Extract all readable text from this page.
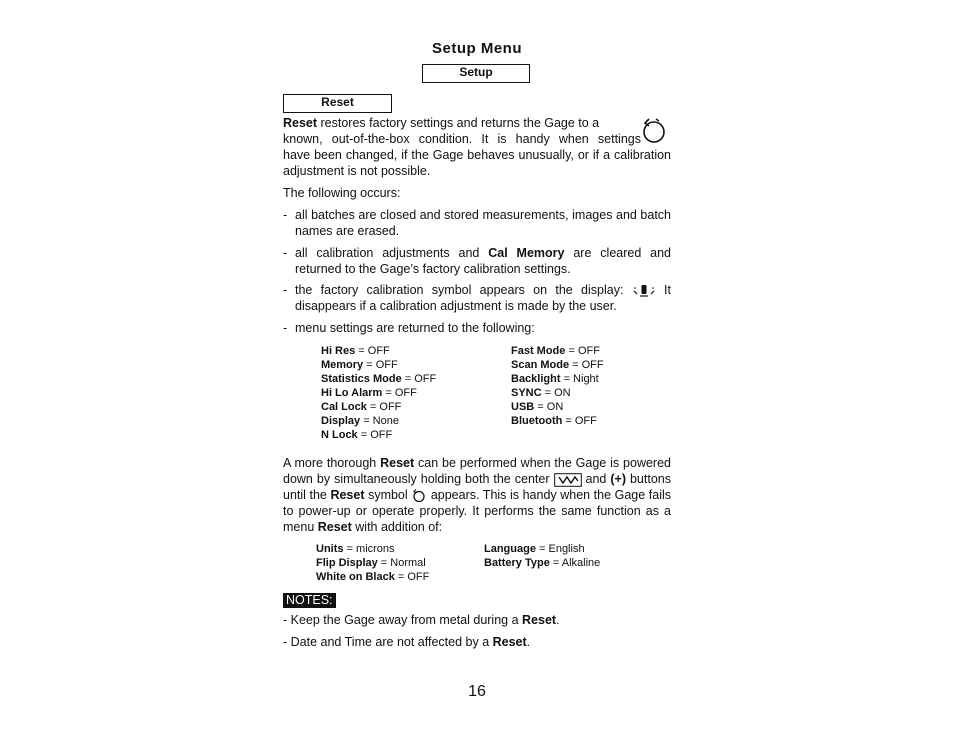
Setup Menu
Setup
Reset
Reset restores factory settings and returns the Gage to a
known, out-of-the-box condition. It is handy when settings
have been changed, if the Gage behaves unusually, or if a calibration adjustment is not possible.
The following occurs:
- all batches are closed and stored measurements, images and batch names are erased.
- all calibration adjustments and Cal Memory are cleared and returned to the Gage’s factory calibration settings.
- the factory calibration symbol appears on the display:  It disappears if a calibration adjustment is made by the user.
- menu settings are returned to the following:
Hi Res = OFF
Memory = OFF
Statistics Mode = OFF
Hi Lo Alarm = OFF
Cal Lock = OFF
Display = None
N Lock = OFF
Fast Mode = OFF
Scan Mode = OFF
Backlight = Night
SYNC = ON
USB = ON
Bluetooth = OFF
A more thorough Reset can be performed when the Gage is powered down by simultaneously holding both the center  and (+) buttons until the Reset symbol  appears. This is handy when the Gage fails to power-up or operate properly. It performs the same function as a menu Reset with addition of:
Units = microns
Flip Display = Normal
White on Black = OFF
Language = English
Battery Type = Alkaline
NOTES:
- Keep the Gage away from metal during a Reset.
- Date and Time are not affected by a Reset.
16
